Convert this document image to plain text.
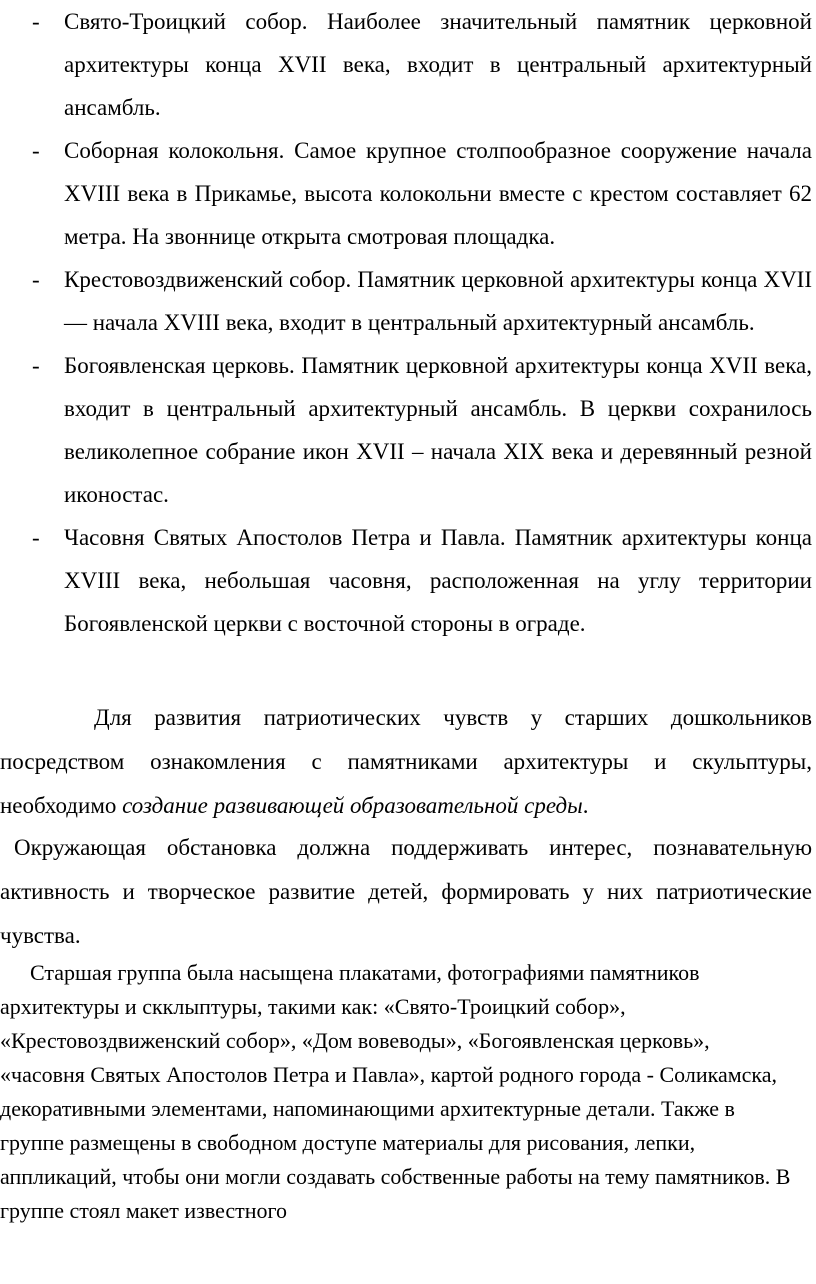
- Свято-Троицкий собор. Наиболее значительный памятник церковной архитектуры конца XVII века, входит в центральный архитектурный ансамбль.
- Соборная колокольня. Самое крупное столпообразное сооружение начала XVIII века в Прикамье, высота колокольни вместе с крестом составляет 62 метра. На звоннице открыта смотровая площадка.
- Крестовоздвиженский собор. Памятник церковной архитектуры конца XVII — начала XVIII века, входит в центральный архитектурный ансамбль.
- Богоявленская церковь. Памятник церковной архитектуры конца XVII века, входит в центральный архитектурный ансамбль. В церкви сохранилось великолепное собрание икон XVII – начала XIX века и деревянный резной иконостас.
- Часовня Святых Апостолов Петра и Павла. Памятник архитектуры конца XVIII века, небольшая часовня, расположенная на углу территории Богоявленской церкви с восточной стороны в ограде.

Для развития патриотических чувств у старших дошкольников посредством ознакомления с памятниками архитектуры и скульптуры, необходимо создание развивающей образовательной среды.

Окружающая обстановка должна поддерживать интерес, познавательную активность и творческое развитие детей, формировать у них патриотические чувства.

Старшая группа была насыщена плакатами, фотографиями памятников архитектуры и скклыптуры, такими как: «Свято-Троицкий собор», «Крестовоздвиженский собор», «Дом вовеводы», «Богоявленская церковь», «часовня Святых Апостолов Петра и Павла», картой родного города - Соликамска, декоративными элементами, напоминающими архитектурные детали. Также в группе размещены в свободном доступе материалы для рисования, лепки, аппликаций, чтобы они могли создавать собственные работы на тему памятников. В группе стоял макет известного
